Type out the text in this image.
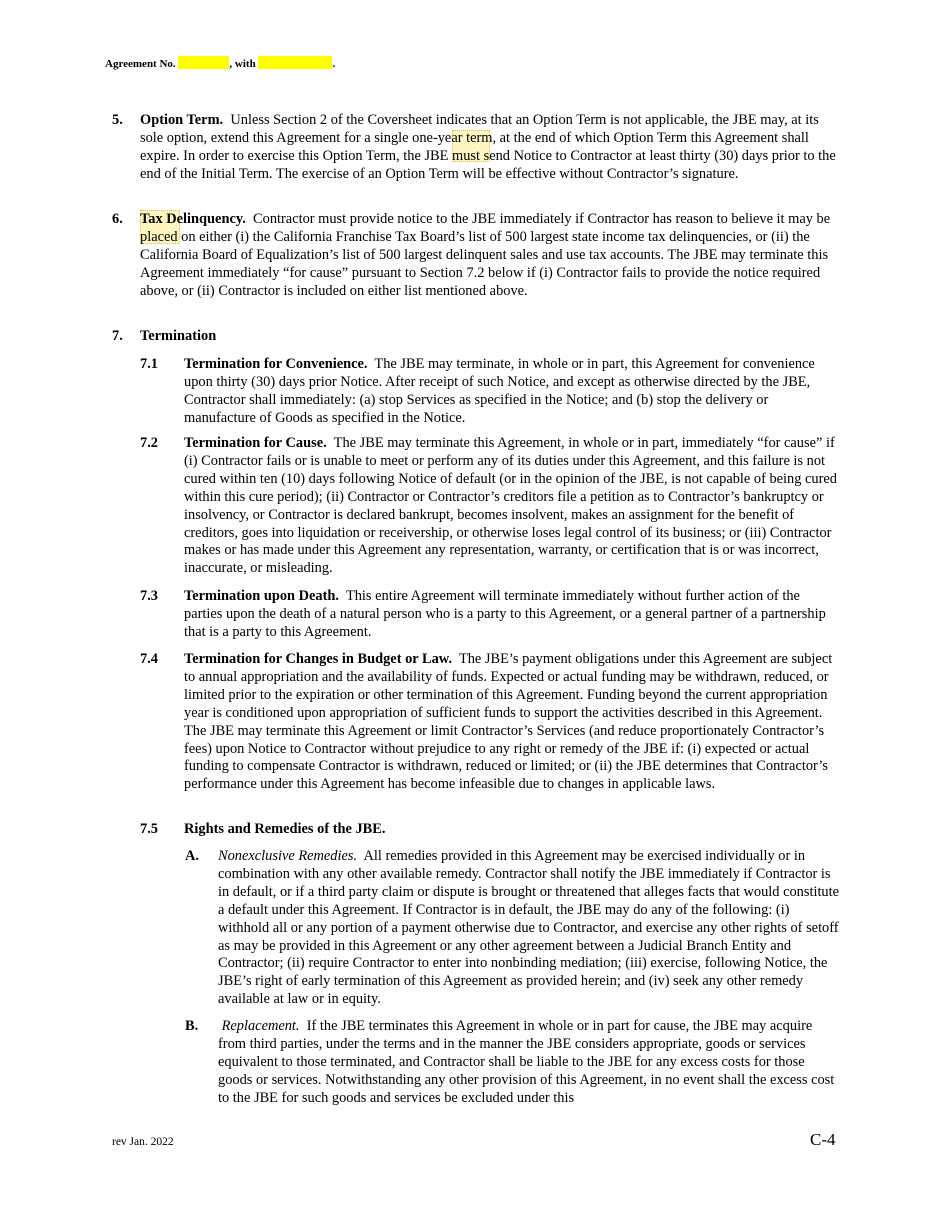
Agreement No.	, with	.
5. Option Term. Unless Section 2 of the Coversheet indicates that an Option Term is not applicable, the JBE may, at its sole option, extend this Agreement for a single one-year term, at the end of which Option Term this Agreement shall expire. In order to exercise this Option Term, the JBE must send Notice to Contractor at least thirty (30) days prior to the end of the Initial Term. The exercise of an Option Term will be effective without Contractor’s signature.
6. Tax Delinquency. Contractor must provide notice to the JBE immediately if Contractor has reason to believe it may be placed on either (i) the California Franchise Tax Board’s list of 500 largest state income tax delinquencies, or (ii) the California Board of Equalization’s list of 500 largest delinquent sales and use tax accounts. The JBE may terminate this Agreement immediately “for cause” pursuant to Section 7.2 below if (i) Contractor fails to provide the notice required above, or (ii) Contractor is included on either list mentioned above.
7. Termination
7.1 Termination for Convenience. The JBE may terminate, in whole or in part, this Agreement for convenience upon thirty (30) days prior Notice. After receipt of such Notice, and except as otherwise directed by the JBE, Contractor shall immediately: (a) stop Services as specified in the Notice; and (b) stop the delivery or manufacture of Goods as specified in the Notice.
7.2 Termination for Cause. The JBE may terminate this Agreement, in whole or in part, immediately “for cause” if (i) Contractor fails or is unable to meet or perform any of its duties under this Agreement, and this failure is not cured within ten (10) days following Notice of default (or in the opinion of the JBE, is not capable of being cured within this cure period); (ii) Contractor or Contractor’s creditors file a petition as to Contractor’s bankruptcy or insolvency, or Contractor is declared bankrupt, becomes insolvent, makes an assignment for the benefit of creditors, goes into liquidation or receivership, or otherwise loses legal control of its business; or (iii) Contractor makes or has made under this Agreement any representation, warranty, or certification that is or was incorrect, inaccurate, or misleading.
7.3 Termination upon Death. This entire Agreement will terminate immediately without further action of the parties upon the death of a natural person who is a party to this Agreement, or a general partner of a partnership that is a party to this Agreement.
7.4 Termination for Changes in Budget or Law. The JBE’s payment obligations under this Agreement are subject to annual appropriation and the availability of funds. Expected or actual funding may be withdrawn, reduced, or limited prior to the expiration or other termination of this Agreement. Funding beyond the current appropriation year is conditioned upon appropriation of sufficient funds to support the activities described in this Agreement. The JBE may terminate this Agreement or limit Contractor’s Services (and reduce proportionately Contractor’s fees) upon Notice to Contractor without prejudice to any right or remedy of the JBE if: (i) expected or actual funding to compensate Contractor is withdrawn, reduced or limited; or (ii) the JBE determines that Contractor’s performance under this Agreement has become infeasible due to changes in applicable laws.
7.5 Rights and Remedies of the JBE.
A. Nonexclusive Remedies. All remedies provided in this Agreement may be exercised individually or in combination with any other available remedy. Contractor shall notify the JBE immediately if Contractor is in default, or if a third party claim or dispute is brought or threatened that alleges facts that would constitute a default under this Agreement. If Contractor is in default, the JBE may do any of the following: (i) withhold all or any portion of a payment otherwise due to Contractor, and exercise any other rights of setoff as may be provided in this Agreement or any other agreement between a Judicial Branch Entity and Contractor; (ii) require Contractor to enter into nonbinding mediation; (iii) exercise, following Notice, the JBE’s right of early termination of this Agreement as provided herein; and (iv) seek any other remedy available at law or in equity.
B. Replacement. If the JBE terminates this Agreement in whole or in part for cause, the JBE may acquire from third parties, under the terms and in the manner the JBE considers appropriate, goods or services equivalent to those terminated, and Contractor shall be liable to the JBE for any excess costs for those goods or services. Notwithstanding any other provision of this Agreement, in no event shall the excess cost to the JBE for such goods and services be excluded under this
rev Jan. 2022	C-4
